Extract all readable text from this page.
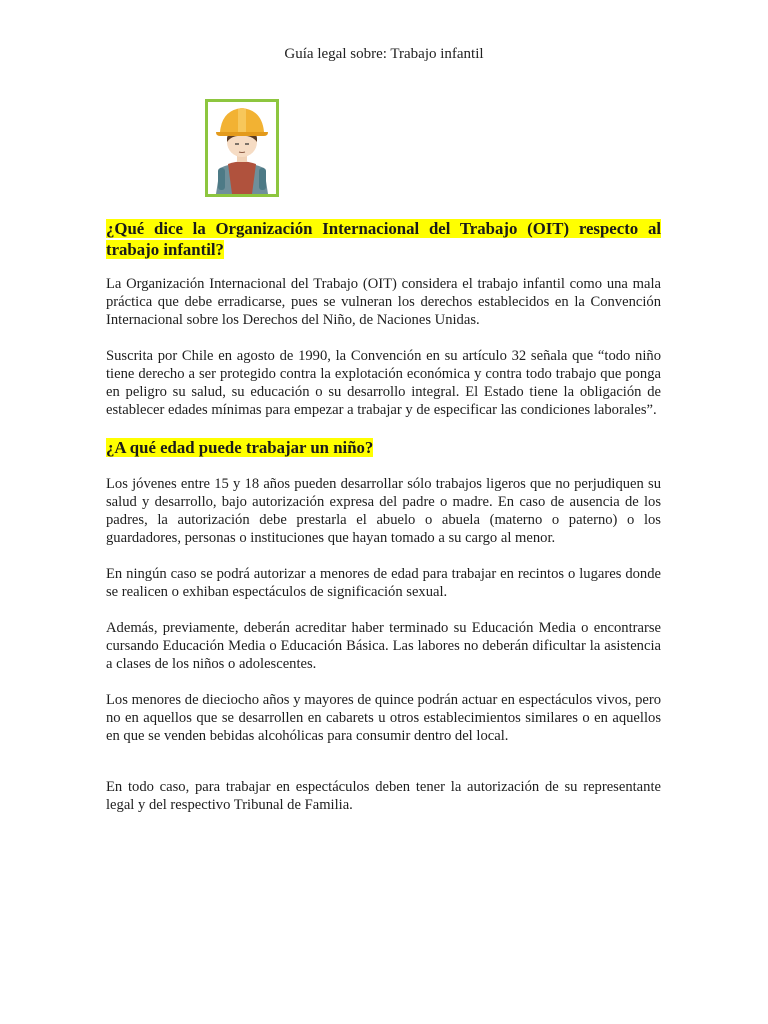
Guía legal sobre: Trabajo infantil
¿Qué dice la Organización Internacional del Trabajo (OIT) respecto al trabajo infantil?

La Organización Internacional del Trabajo (OIT) considera el trabajo infantil como una mala práctica que debe erradicarse, pues se vulneran los derechos establecidos en la Convención Internacional sobre los Derechos del Niño, de Naciones Unidas.

Suscrita por Chile en agosto de 1990, la Convención en su artículo 32 señala que “todo niño tiene derecho a ser protegido contra la explotación económica y contra todo trabajo que ponga en peligro su salud, su educación o su desarrollo integral. El Estado tiene la obligación de establecer edades mínimas para empezar a trabajar y de especificar las condiciones laborales”.

¿A qué edad puede trabajar un niño?

Los jóvenes entre 15 y 18 años pueden desarrollar sólo trabajos ligeros que no perjudiquen su salud y desarrollo, bajo autorización expresa del padre o madre. En caso de ausencia de los padres, la autorización debe prestarla el abuelo o abuela (materno o paterno) o los guardadores, personas o instituciones que hayan tomado a su cargo al menor.

En ningún caso se podrá autorizar a menores de edad para trabajar en recintos o lugares donde se realicen o exhiban espectáculos de significación sexual.

Además, previamente, deberán acreditar haber terminado su Educación Media o encontrarse cursando Educación Media o Educación Básica. Las labores no deberán dificultar la asistencia a clases de los niños o adolescentes.

Los menores de dieciocho años y mayores de quince podrán actuar en espectáculos vivos, pero no en aquellos que se desarrollen en cabarets u otros establecimientos similares o en aquellos en que se venden bebidas alcohólicas para consumir dentro del local.

En todo caso, para trabajar en espectáculos deben tener la autorización de su representante legal y del respectivo Tribunal de Familia.
